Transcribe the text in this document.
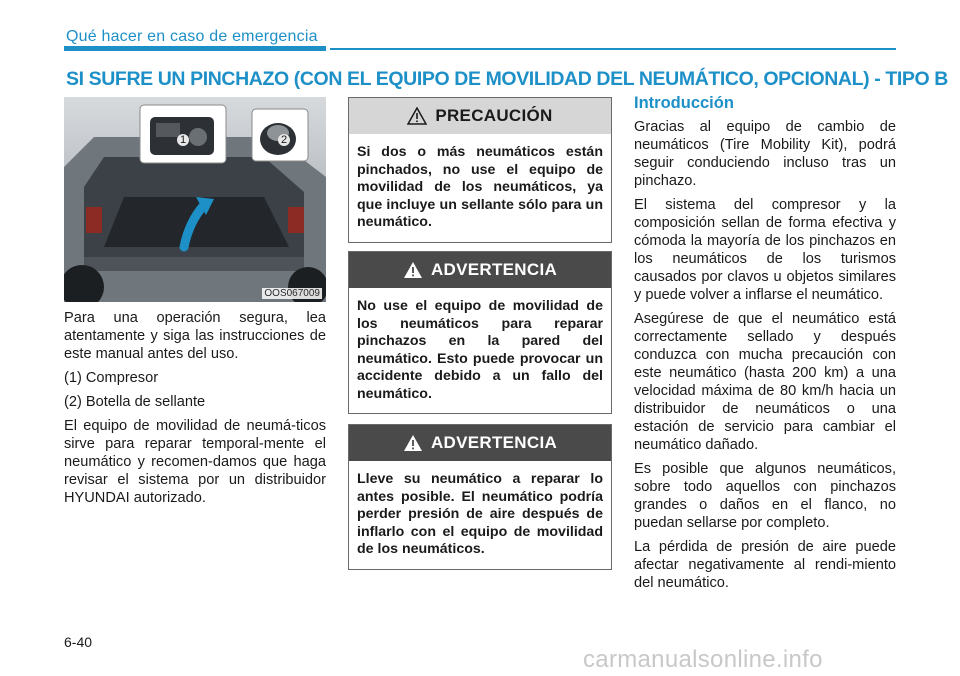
Qué hacer en caso de emergencia
SI SUFRE UN PINCHAZO (CON EL EQUIPO DE MOVILIDAD DEL NEUMÁTICO, OPCIONAL) - TIPO B
1	2
OOS067009

Para una operación segura, lea atentamente y siga las instrucciones de este manual antes del uso.

(1) Compresor

(2) Botella de sellante

El equipo de movilidad de neumá-ticos sirve para reparar temporal-mente el neumático y recomen-damos que haga revisar el sistema por un distribuidor HYUNDAI autorizado.

PRECAUCIÓN
Si dos o más neumáticos están pinchados, no use el equipo de movilidad de los neumáticos, ya que incluye un sellante sólo para un neumático.
ADVERTENCIA
No use el equipo de movilidad de los neumáticos para reparar pinchazos en la pared del neumático. Esto puede provocar un accidente debido a un fallo del neumático.
ADVERTENCIA
Lleve su neumático a reparar lo antes posible. El neumático podría perder presión de aire después de inflarlo con el equipo de movilidad de los neumáticos.
Introducción

Gracias al equipo de cambio de neumáticos (Tire Mobility Kit), podrá seguir conduciendo incluso tras un pinchazo.

El sistema del compresor y la composición sellan de forma efectiva y cómoda la mayoría de los pinchazos en los neumáticos de los turismos causados por clavos u objetos similares y puede volver a inflarse el neumático.

Asegúrese de que el neumático está correctamente sellado y después conduzca con mucha precaución con este neumático (hasta 200 km) a una velocidad máxima de 80 km/h hacia un distribuidor de neumáticos o una estación de servicio para cambiar el neumático dañado.

Es posible que algunos neumáticos, sobre todo aquellos con pinchazos grandes o daños en el flanco, no puedan sellarse por completo.

La pérdida de presión de aire puede afectar negativamente al rendi-miento del neumático.

6-40
carmanualsonline.info
